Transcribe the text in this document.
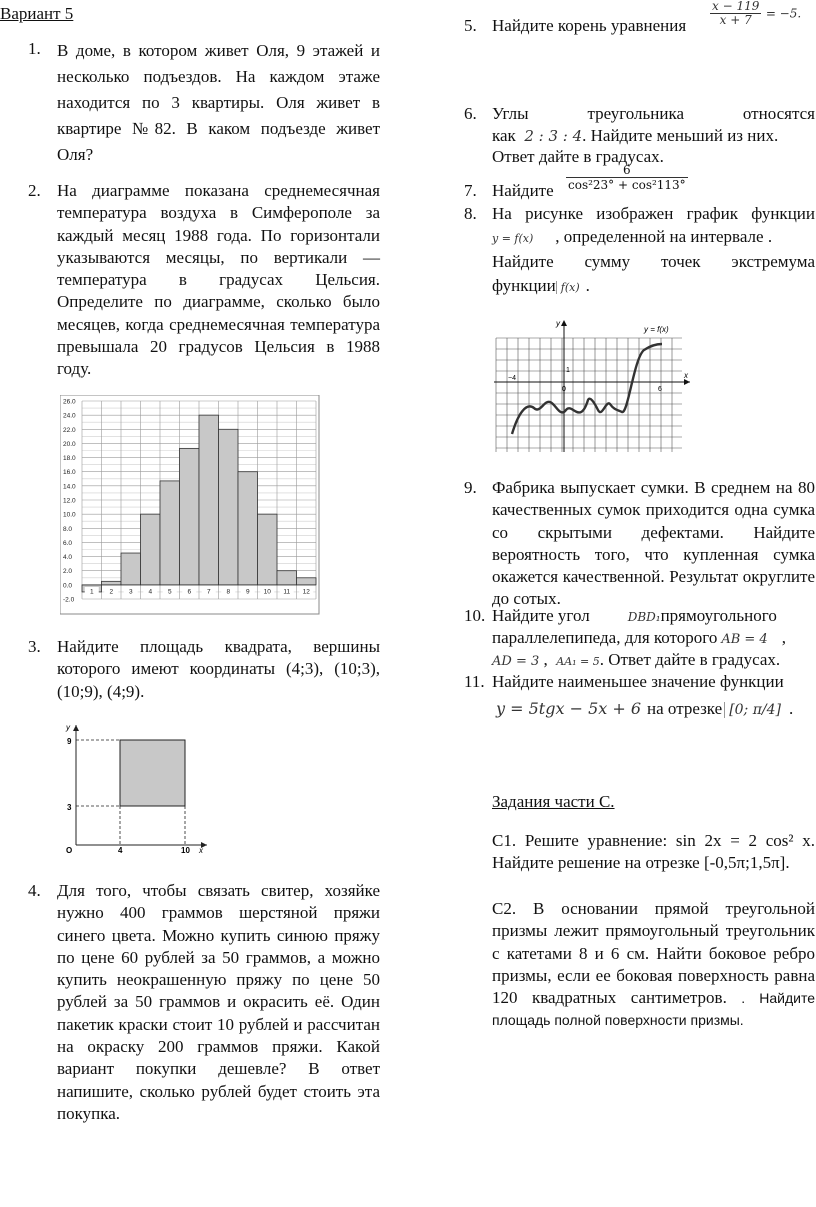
Вариант 5
1. В доме, в котором живет Оля, 9 этажей и несколько подъездов. На каждом этаже находится по 3 квартиры. Оля живет в квартире №82. В каком подъезде живет Оля?
2. На диаграмме показана среднемесячная температура воздуха в Симферополе за каждый месяц 1988 года. По горизонтали указываются месяцы, по вертикали — температура в градусах Цельсия. Определите по диаграмме, сколько было месяцев, когда среднемесячная температура превышала 20 градусов Цельсия в 1988 году.
-2.0
0.0
2.0
4.0
6.0
8.0
10.0
12.0
14.0
16.0
18.0
20.0
22.0
24.0
26.0
1 2 3 4 5 6 7 8 9 10 11 12
3. Найдите площадь квадрата, вершины которого имеют координаты (4;3), (10;3), (10;9), (4;9).
y
x
O
9
3
4	10
4. Для того, чтобы связать свитер, хозяйке нужно 400 граммов шерстяной пряжи синего цвета. Можно купить синюю пряжу по цене 60 рублей за 50 граммов, а можно купить неокрашенную пряжу по цене 50 рублей за 50 граммов и окрасить её. Один пакетик краски стоит 10 рублей и рассчитан на окраску 200 граммов пряжи. Какой вариант покупки дешевле? В ответ напишите, сколько рублей будет стоить эта покупка.
5. Найдите корень уравнения $\frac{x - 119}{x + 7} = -5$.
6. Углы треугольника относятся
как 2 : 3 : 4. Найдите меньший из них.
Ответ дайте в градусах.
7. Найдите
6
cos²23° + cos²113°
8. На рисунке изображен график функции
y = f(x) , определенной на интервале .
Найдите сумму точек экстремума
функции f(x) .
y
x
y = f(x)
−4
0	6
1
9. Фабрика выпускает сумки. В среднем на 80 качественных сумок приходится одна сумка со скрытыми дефектами. Найдите вероятность того, что купленная сумка окажется качественной. Результат округлите до сотых.
10. Найдите угол	DBD₁прямоугольного
параллелепипеда, для которого AB = 4 ,
AD = 3 , AA₁ = 5. Ответ дайте в градусах.
11. Найдите наименьшее значение функции
y = 5tgx − 5x + 6 на отрезке [0; π/4] .
Задания части С.
C1. Решите уравнение: sin 2x = 2 cos² x. Найдите решение на отрезке [-0,5π;1,5π].
С2. В основании прямой треугольной призмы лежит прямоугольный треугольник с катетами 8 и 6 см. Найти боковое ребро призмы, если ее боковая поверхность равна 120 квадратных сантиметров. . Найдите площадь полной поверхности призмы.
